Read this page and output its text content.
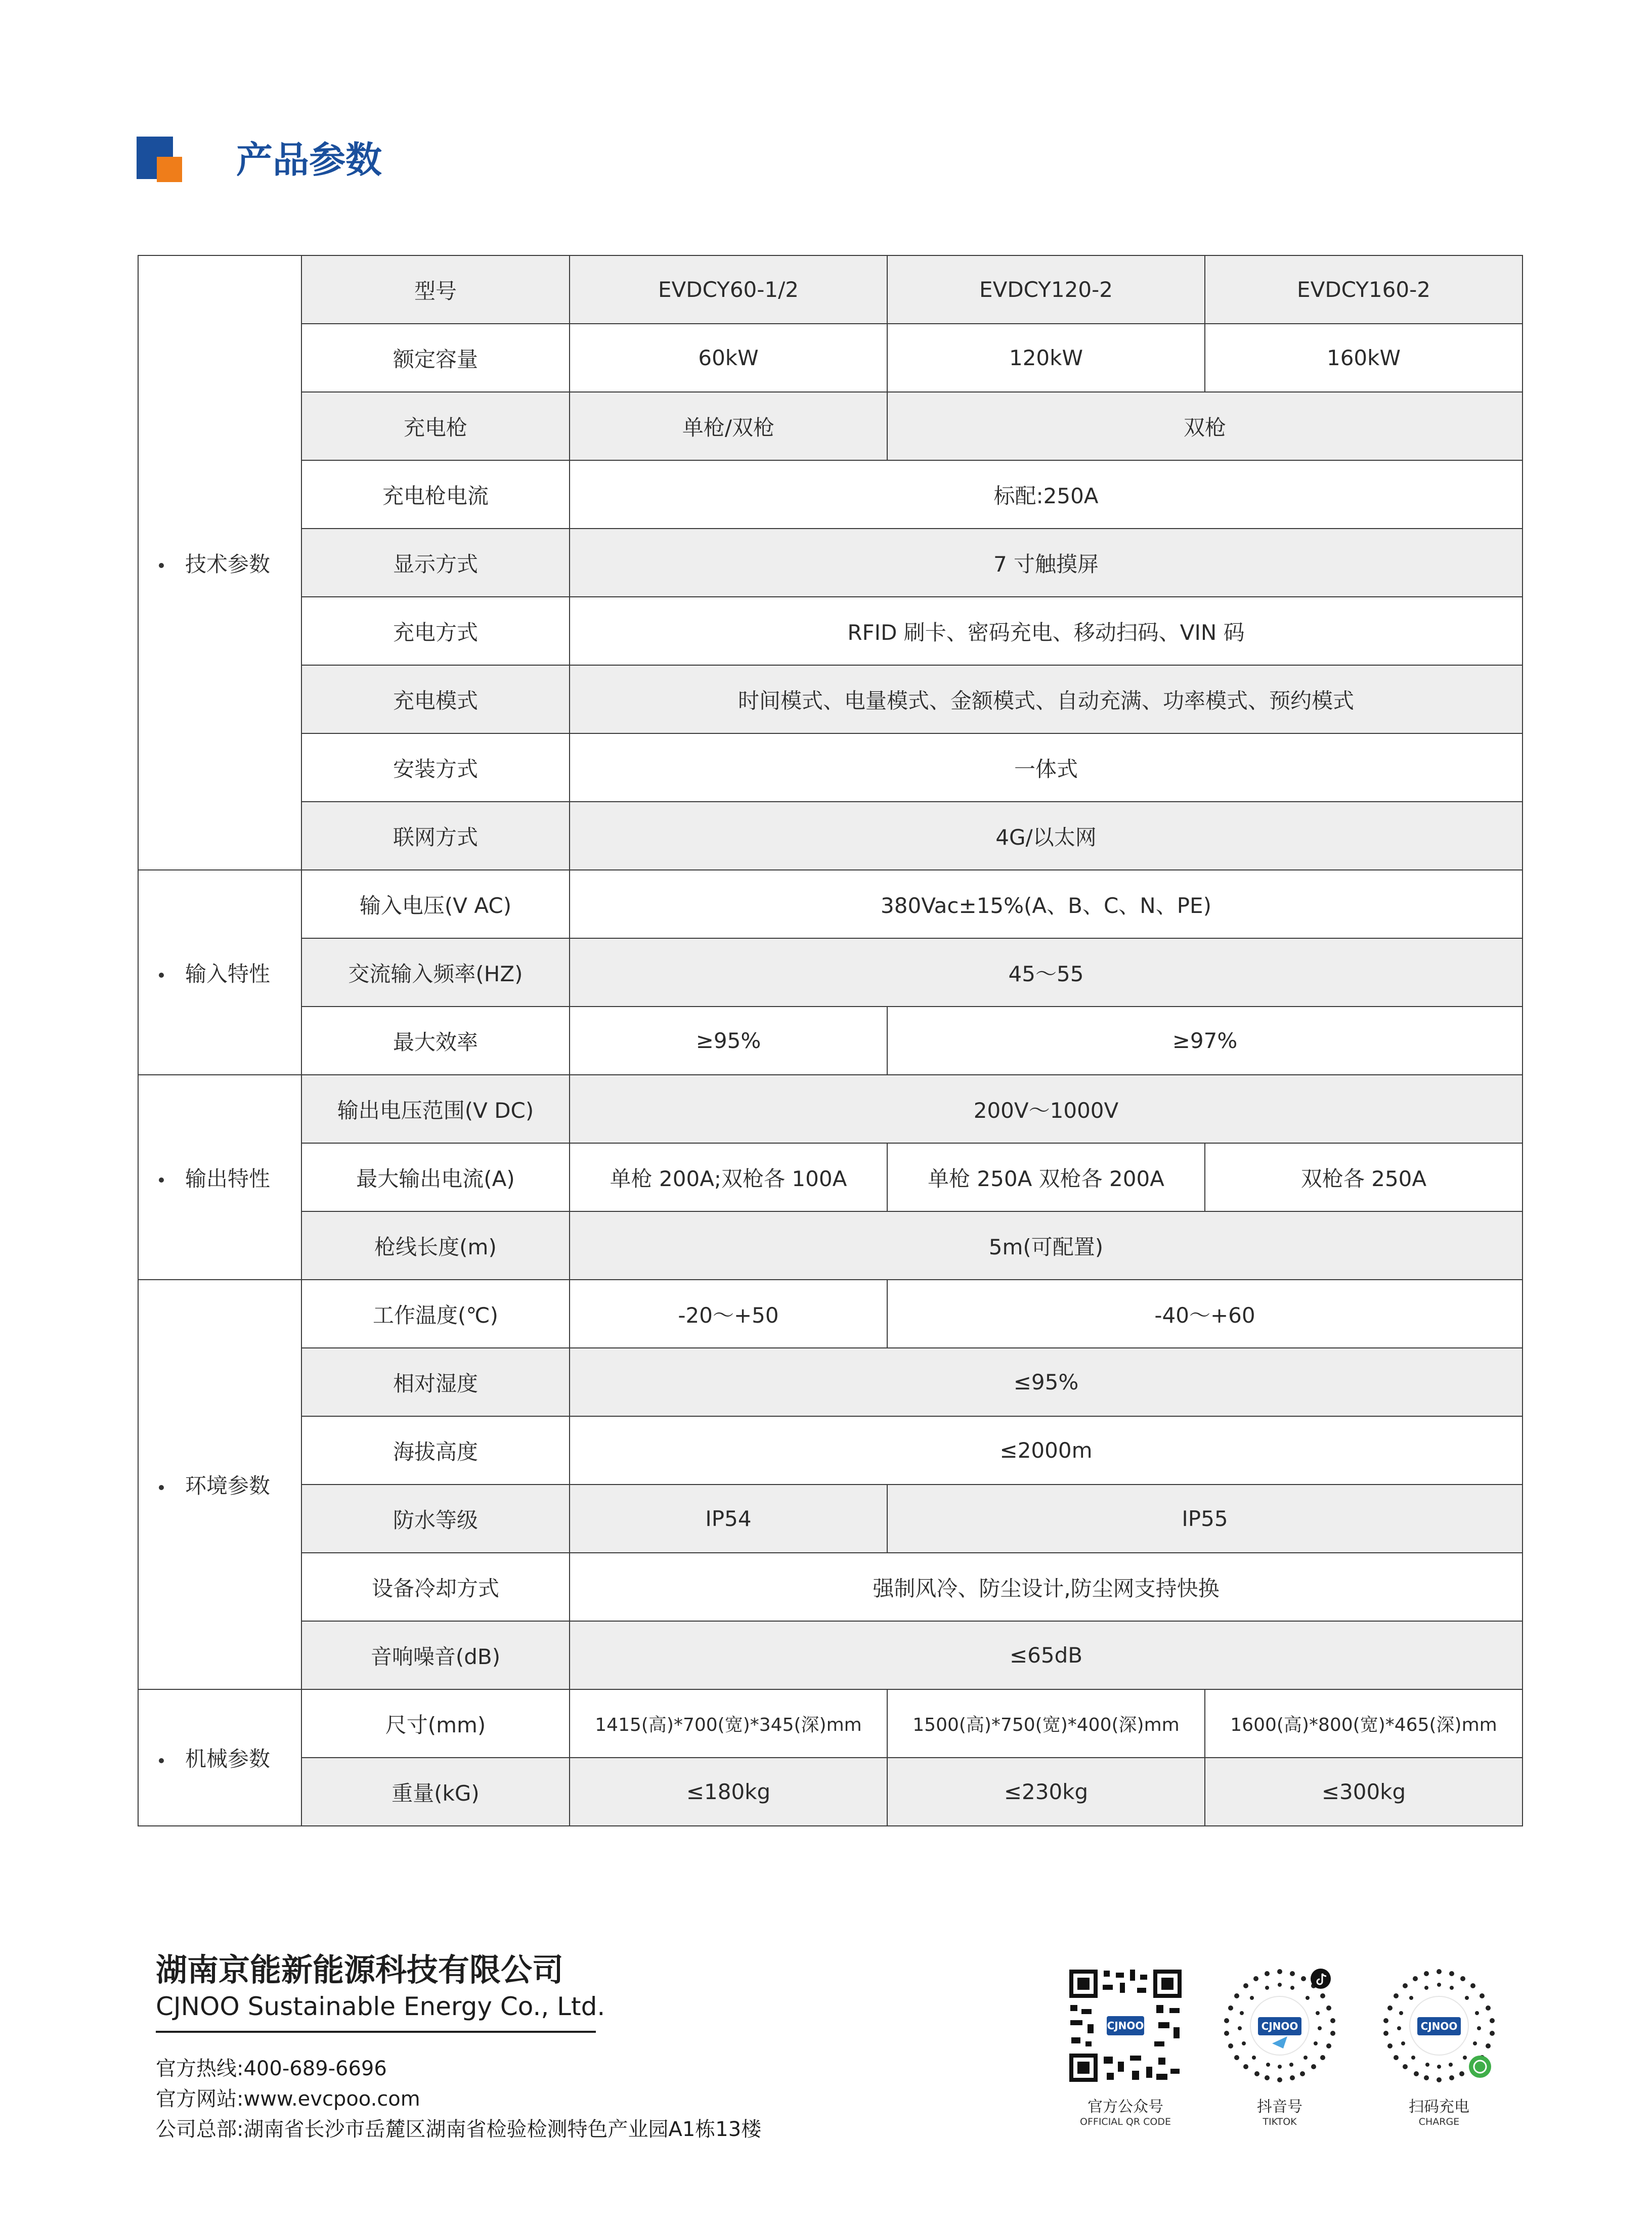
产品参数
技术参数	型号	EVDCY60-1/2	EVDCY120-2	EVDCY160-2
	额定容量	60kW	120kW	160kW
	充电枪	单枪/双枪	双枪	
	充电枪电流	标配:250A		
	显示方式	7 寸触摸屏		
	充电方式	RFID 刷卡、密码充电、移动扫码、VIN 码		
	充电模式	时间模式、电量模式、金额模式、自动充满、功率模式、预约模式		
	安装方式	一体式		
	联网方式	4G/以太网		
输入特性	输入电压(V AC)	380Vac±15%(A、B、C、N、PE)		
	交流输入频率(HZ)	45～55		
	最大效率	≥95%	≥97%	
输出特性	输出电压范围(V DC)	200V～1000V		
	最大输出电流(A)	单枪 200A;双枪各 100A	单枪 250A 双枪各 200A	双枪各 250A
	枪线长度(m)	5m(可配置)		
环境参数	工作温度(℃)	-20～+50	-40～+60	
	相对湿度	≤95%		
	海拔高度	≤2000m		
	防水等级	IP54	IP55	
	设备冷却方式	强制风冷、防尘设计,防尘网支持快换		
	音响噪音(dB)	≤65dB		
机械参数	尺寸(mm)	1415(高)*700(宽)*345(深)mm	1500(高)*750(宽)*400(深)mm	1600(高)*800(宽)*465(深)mm
	重量(kG)	≤180kg	≤230kg	≤300kg
湖南京能新能源科技有限公司
CJNOO Sustainable Energy Co., Ltd.
官方热线:400-689-6696
官方网站:www.evcpoo.com
公司总部:湖南省长沙市岳麓区湖南省检验检测特色产业园A1栋13楼
CJNOO	CJNOO	CJNOO
官方公众号
OFFICIAL QR CODE
抖音号
TIKTOK
扫码充电
CHARGE
